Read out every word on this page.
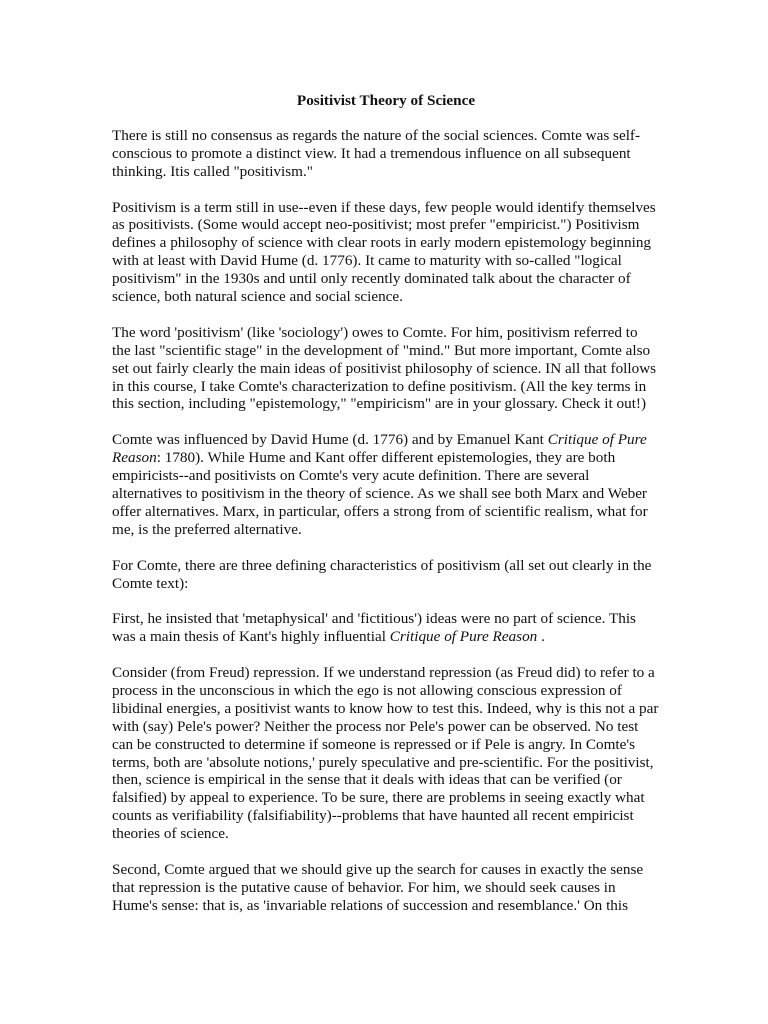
Positivist Theory of Science
There is still no consensus as regards the nature of the social sciences. Comte was self-
conscious to promote a distinct view. It had a tremendous influence on all subsequent
thinking. Itis called "positivism."
Positivism is a term still in use--even if these days, few people would identify themselves
as positivists. (Some would accept neo-positivist; most prefer "empiricist.") Positivism
defines a philosophy of science with clear roots in early modern epistemology beginning
with at least with David Hume (d. 1776). It came to maturity with so-called "logical
positivism" in the 1930s and until only recently dominated talk about the character of
science, both natural science and social science.
The word 'positivism' (like 'sociology') owes to Comte. For him, positivism referred to
the last "scientific stage" in the development of "mind." But more important, Comte also
set out fairly clearly the main ideas of positivist philosophy of science. IN all that follows
in this course, I take Comte's characterization to define positivism. (All the key terms in
this section, including "epistemology," "empiricism" are in your glossary. Check it out!)
Comte was influenced by David Hume (d. 1776) and by Emanuel Kant Critique of Pure
Reason: 1780). While Hume and Kant offer different epistemologies, they are both
empiricists--and positivists on Comte's very acute definition. There are several
alternatives to positivism in the theory of science. As we shall see both Marx and Weber
offer alternatives. Marx, in particular, offers a strong from of scientific realism, what for
me, is the preferred alternative.
For Comte, there are three defining characteristics of positivism (all set out clearly in the
Comte text):
First, he insisted that 'metaphysical' and 'fictitious') ideas were no part of science. This
was a main thesis of Kant's highly influential Critique of Pure Reason .
Consider (from Freud) repression. If we understand repression (as Freud did) to refer to a
process in the unconscious in which the ego is not allowing conscious expression of
libidinal energies, a positivist wants to know how to test this. Indeed, why is this not a par
with (say) Pele's power? Neither the process nor Pele's power can be observed. No test
can be constructed to determine if someone is repressed or if Pele is angry. In Comte's
terms, both are 'absolute notions,' purely speculative and pre-scientific. For the positivist,
then, science is empirical in the sense that it deals with ideas that can be verified (or
falsified) by appeal to experience. To be sure, there are problems in seeing exactly what
counts as verifiability (falsifiability)--problems that have haunted all recent empiricist
theories of science.
Second, Comte argued that we should give up the search for causes in exactly the sense
that repression is the putative cause of behavior. For him, we should seek causes in
Hume's sense: that is, as 'invariable relations of succession and resemblance.' On this
